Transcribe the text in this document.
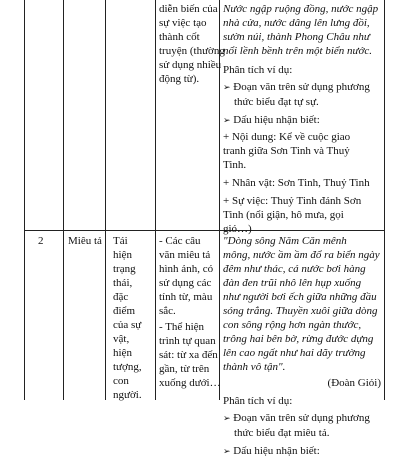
diễn biến của
sự việc tạo
thành cốt
truyện (thường
sử dụng nhiều
động từ).
Nước ngập ruộng đồng, nước ngập
nhà cửa, nước dâng lên lưng đồi,
sườn núi, thành Phong Châu như
nổi lềnh bềnh trên một biển nước.
Phân tích ví dụ:
➢ Đoạn văn trên sử dụng phương
thức biểu đạt tự sự.
➢ Dấu hiệu nhận biết:
+ Nội dung: Kể về cuộc giao
tranh giữa Sơn Tinh và Thuỷ
Tinh.
+ Nhân vật: Sơn Tinh, Thuỷ Tinh
+ Sự việc: Thuỷ Tinh đánh Sơn
Tinh (nổi giận, hô mưa, gọi
gió…)
2 Miêu tả Tái
hiện
trạng
thái,
đặc
điểm
của sự
vật,
hiện
tượng,
con
người.
- Các câu
văn miêu tả
hình ảnh, có
sử dụng các
tính từ, màu
sắc.
- Thể hiện
trình tự quan
sát: từ xa đến
gần, từ trên
xuống dưới…
"Dòng sông Năm Căn mênh
mông, nước ầm ầm đổ ra biển ngày
đêm như thác, cá nước bơi hàng
đàn đen trũi nhô lên hụp xuống
như người bơi ếch giữa những đầu
sóng trắng. Thuyền xuôi giữa dòng
con sông rộng hơn ngàn thước,
trông hai bên bờ, rừng đước dựng
lên cao ngất như hai dãy trường
thành vô tận".
(Đoàn Giỏi)
Phân tích ví dụ:
➢ Đoạn văn trên sử dụng phương
thức biểu đạt miêu tả.
➢ Dấu hiệu nhận biết:
